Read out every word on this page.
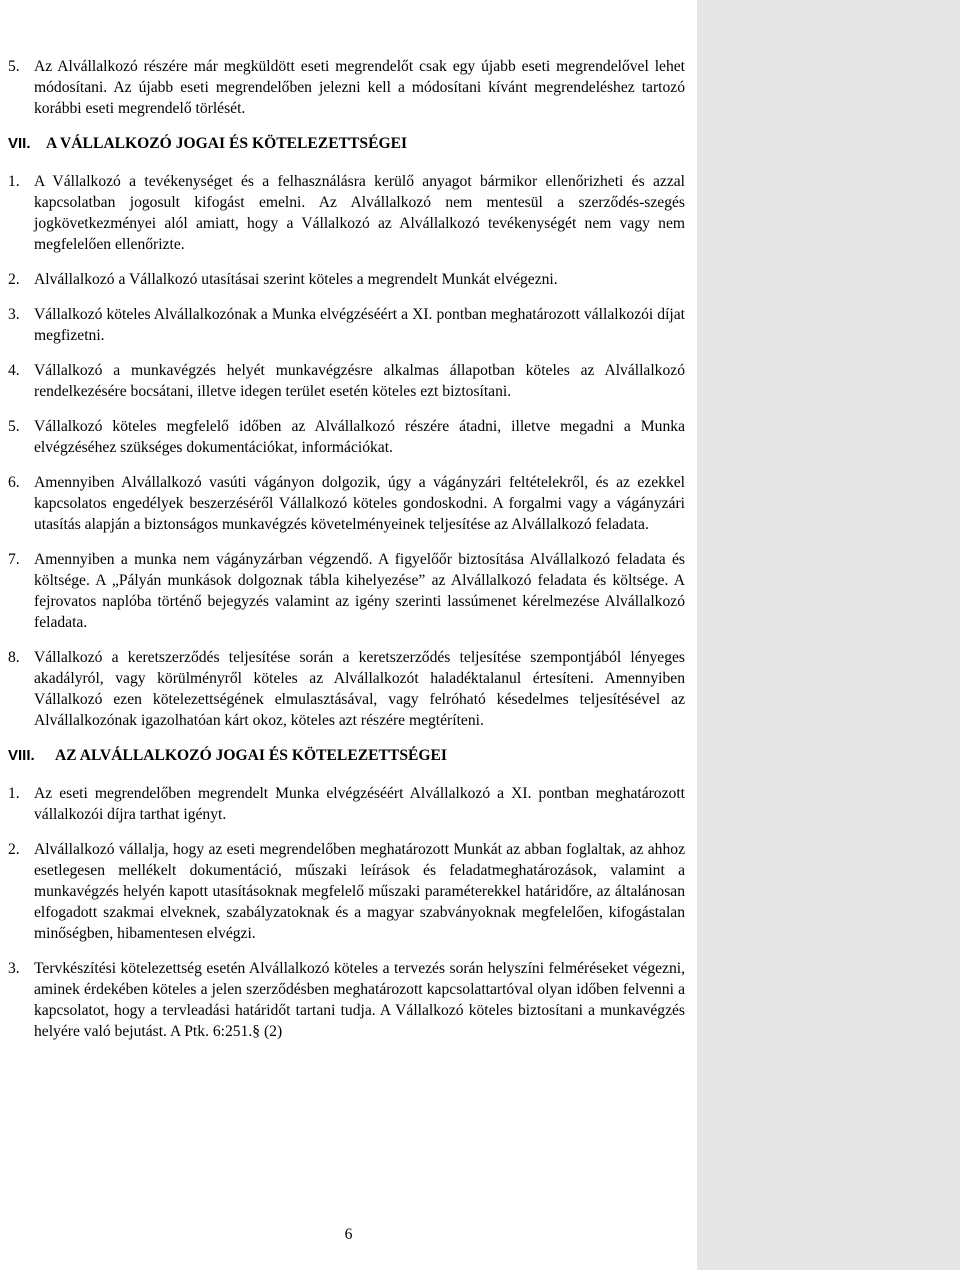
5. Az Alvállalkozó részére már megküldött eseti megrendelőt csak egy újabb eseti megrendelővel lehet módosítani. Az újabb eseti megrendelőben jelezni kell a módosítani kívánt megrendeléshez tartozó korábbi eseti megrendelő törlését.
VII. A VÁLLALKOZÓ JOGAI ÉS KÖTELEZETTSÉGEI
1. A Vállalkozó a tevékenységet és a felhasználásra kerülő anyagot bármikor ellenőrizheti és azzal kapcsolatban jogosult kifogást emelni. Az Alvállalkozó nem mentesül a szerződés-szegés jogkövetkezményei alól amiatt, hogy a Vállalkozó az Alvállalkozó tevékenységét nem vagy nem megfelelően ellenőrizte.
2. Alvállalkozó a Vállalkozó utasításai szerint köteles a megrendelt Munkát elvégezni.
3. Vállalkozó köteles Alvállalkozónak a Munka elvégzéséért a XI. pontban meghatározott vállalkozói díjat megfizetni.
4. Vállalkozó a munkavégzés helyét munkavégzésre alkalmas állapotban köteles az Alvállalkozó rendelkezésére bocsátani, illetve idegen terület esetén köteles ezt biztosítani.
5. Vállalkozó köteles megfelelő időben az Alvállalkozó részére átadni, illetve megadni a Munka elvégzéséhez szükséges dokumentációkat, információkat.
6. Amennyiben Alvállalkozó vasúti vágányon dolgozik, úgy a vágányzári feltételekről, és az ezekkel kapcsolatos engedélyek beszerzéséről Vállalkozó köteles gondoskodni. A forgalmi vagy a vágányzári utasítás alapján a biztonságos munkavégzés követelményeinek teljesítése az Alvállalkozó feladata.
7. Amennyiben a munka nem vágányzárban végzendő. A figyelőőr biztosítása Alvállalkozó feladata és költsége. A „Pályán munkások dolgoznak tábla kihelyezése” az Alvállalkozó feladata és költsége. A fejrovatos naplóba történő bejegyzés valamint az igény szerinti lassúmenet kérelmezése Alvállalkozó feladata.
8. Vállalkozó a keretszerződés teljesítése során a keretszerződés teljesítése szempontjából lényeges akadályról, vagy körülményről köteles az Alvállalkozót haladéktalanul értesíteni. Amennyiben Vállalkozó ezen kötelezettségének elmulasztásával, vagy felróható késedelmes teljesítésével az Alvállalkozónak igazolhatóan kárt okoz, köteles azt részére megtéríteni.
VIII. AZ ALVÁLLALKOZÓ JOGAI ÉS KÖTELEZETTSÉGEI
1. Az eseti megrendelőben megrendelt Munka elvégzéséért Alvállalkozó a XI. pontban meghatározott vállalkozói díjra tarthat igényt.
2. Alvállalkozó vállalja, hogy az eseti megrendelőben meghatározott Munkát az abban foglaltak, az ahhoz esetlegesen mellékelt dokumentáció, műszaki leírások és feladatmeghatározások, valamint a munkavégzés helyén kapott utasításoknak megfelelő műszaki paraméterekkel határidőre, az általánosan elfogadott szakmai elveknek, szabályzatoknak és a magyar szabványoknak megfelelően, kifogástalan minőségben, hibamentesen elvégzi.
3. Tervkészítési kötelezettség esetén Alvállalkozó köteles a tervezés során helyszíni felméréseket végezni, aminek érdekében köteles a jelen szerződésben meghatározott kapcsolattartóval olyan időben felvenni a kapcsolatot, hogy a tervleadási határidőt tartani tudja. A Vállalkozó köteles biztosítani a munkavégzés helyére való bejutást. A Ptk. 6:251.§ (2)
6
